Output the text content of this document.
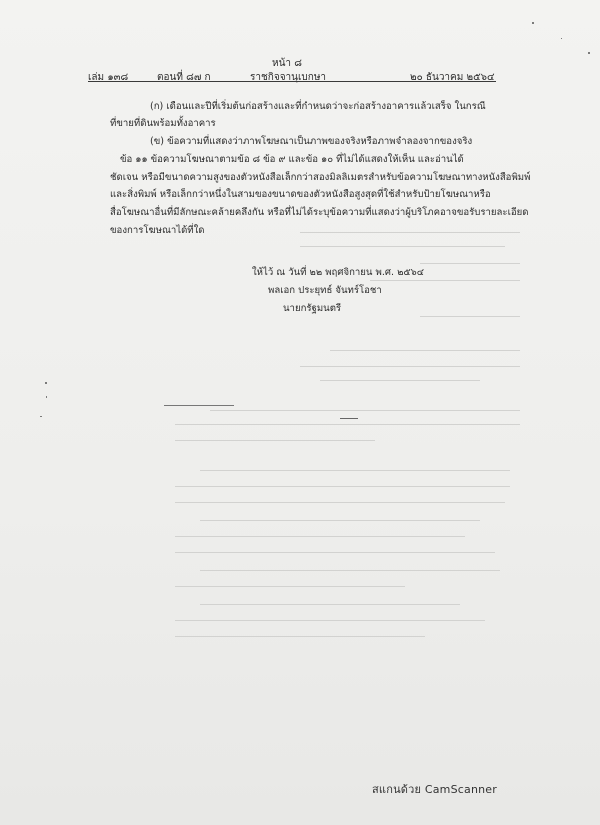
หน้า ๘
เล่ม ๑๓๘	ตอนที่ ๘๗ ก	ราชกิจจานุเบกษา	๒๐ ธันวาคม ๒๕๖๔
(ก) เดือนและปีที่เริ่มต้นก่อสร้างและที่กำหนดว่าจะก่อสร้างอาคารแล้วเสร็จ ในกรณี
ที่ขายที่ดินพร้อมทั้งอาคาร
(ข) ข้อความที่แสดงว่าภาพโฆษณาเป็นภาพของจริงหรือภาพจำลองจากของจริง
ข้อ ๑๑ ข้อความโฆษณาตามข้อ ๘ ข้อ ๙ และข้อ ๑๐ ที่ไม่ได้แสดงให้เห็น และอ่านได้
ชัดเจน หรือมีขนาดความสูงของตัวหนังสือเล็กกว่าสองมิลลิเมตรสำหรับข้อความโฆษณาทางหนังสือพิมพ์
และสิ่งพิมพ์ หรือเล็กกว่าหนึ่งในสามของขนาดของตัวหนังสือสูงสุดที่ใช้สำหรับป้ายโฆษณาหรือ
สื่อโฆษณาอื่นที่มีลักษณะคล้ายคลึงกัน หรือที่ไม่ได้ระบุข้อความที่แสดงว่าผู้บริโภคอาจขอรับรายละเอียด
ของการโฆษณาได้ที่ใด
ให้ไว้ ณ วันที่ ๒๒ พฤศจิกายน พ.ศ. ๒๕๖๔
พลเอก ประยุทธ์ จันทร์โอชา
นายกรัฐมนตรี
สแกนด้วย CamScanner
